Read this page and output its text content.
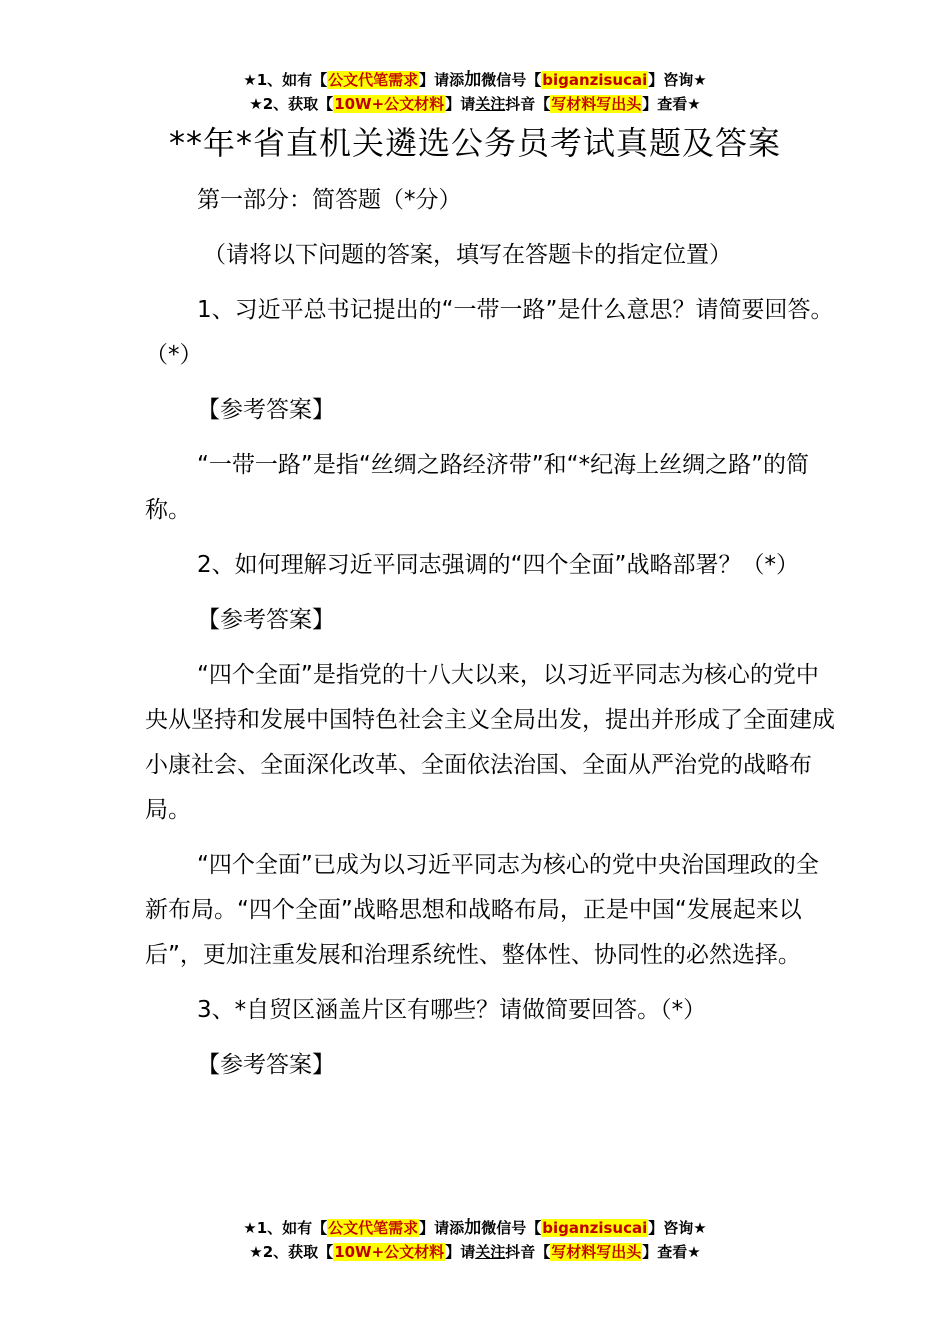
★1、如有【公文代笔需求】请添加微信号【biganzisucai】咨询★
★2、获取【10W+公文材料】请关注抖音【写材料写出头】查看★
**年*省直机关遴选公务员考试真题及答案

第一部分：简答题（*分）

（请将以下问题的答案，填写在答题卡的指定位置）

1、习近平总书记提出的“一带一路”是什么意思？请简要回答。（*）

【参考答案】

“一带一路”是指“丝绸之路经济带”和“*纪海上丝绸之路”的简称。

2、如何理解习近平同志强调的“四个全面”战略部署？（*）

【参考答案】

“四个全面”是指党的十八大以来，以习近平同志为核心的党中央从坚持和发展中国特色社会主义全局出发，提出并形成了全面建成小康社会、全面深化改革、全面依法治国、全面从严治党的战略布局。

“四个全面”已成为以习近平同志为核心的党中央治国理政的全新布局。“四个全面”战略思想和战略布局，正是中国“发展起来以后”，更加注重发展和治理系统性、整体性、协同性的必然选择。

3、*自贸区涵盖片区有哪些？请做简要回答。（*）

【参考答案】

★1、如有【公文代笔需求】请添加微信号【biganzisucai】咨询★
★2、获取【10W+公文材料】请关注抖音【写材料写出头】查看★
